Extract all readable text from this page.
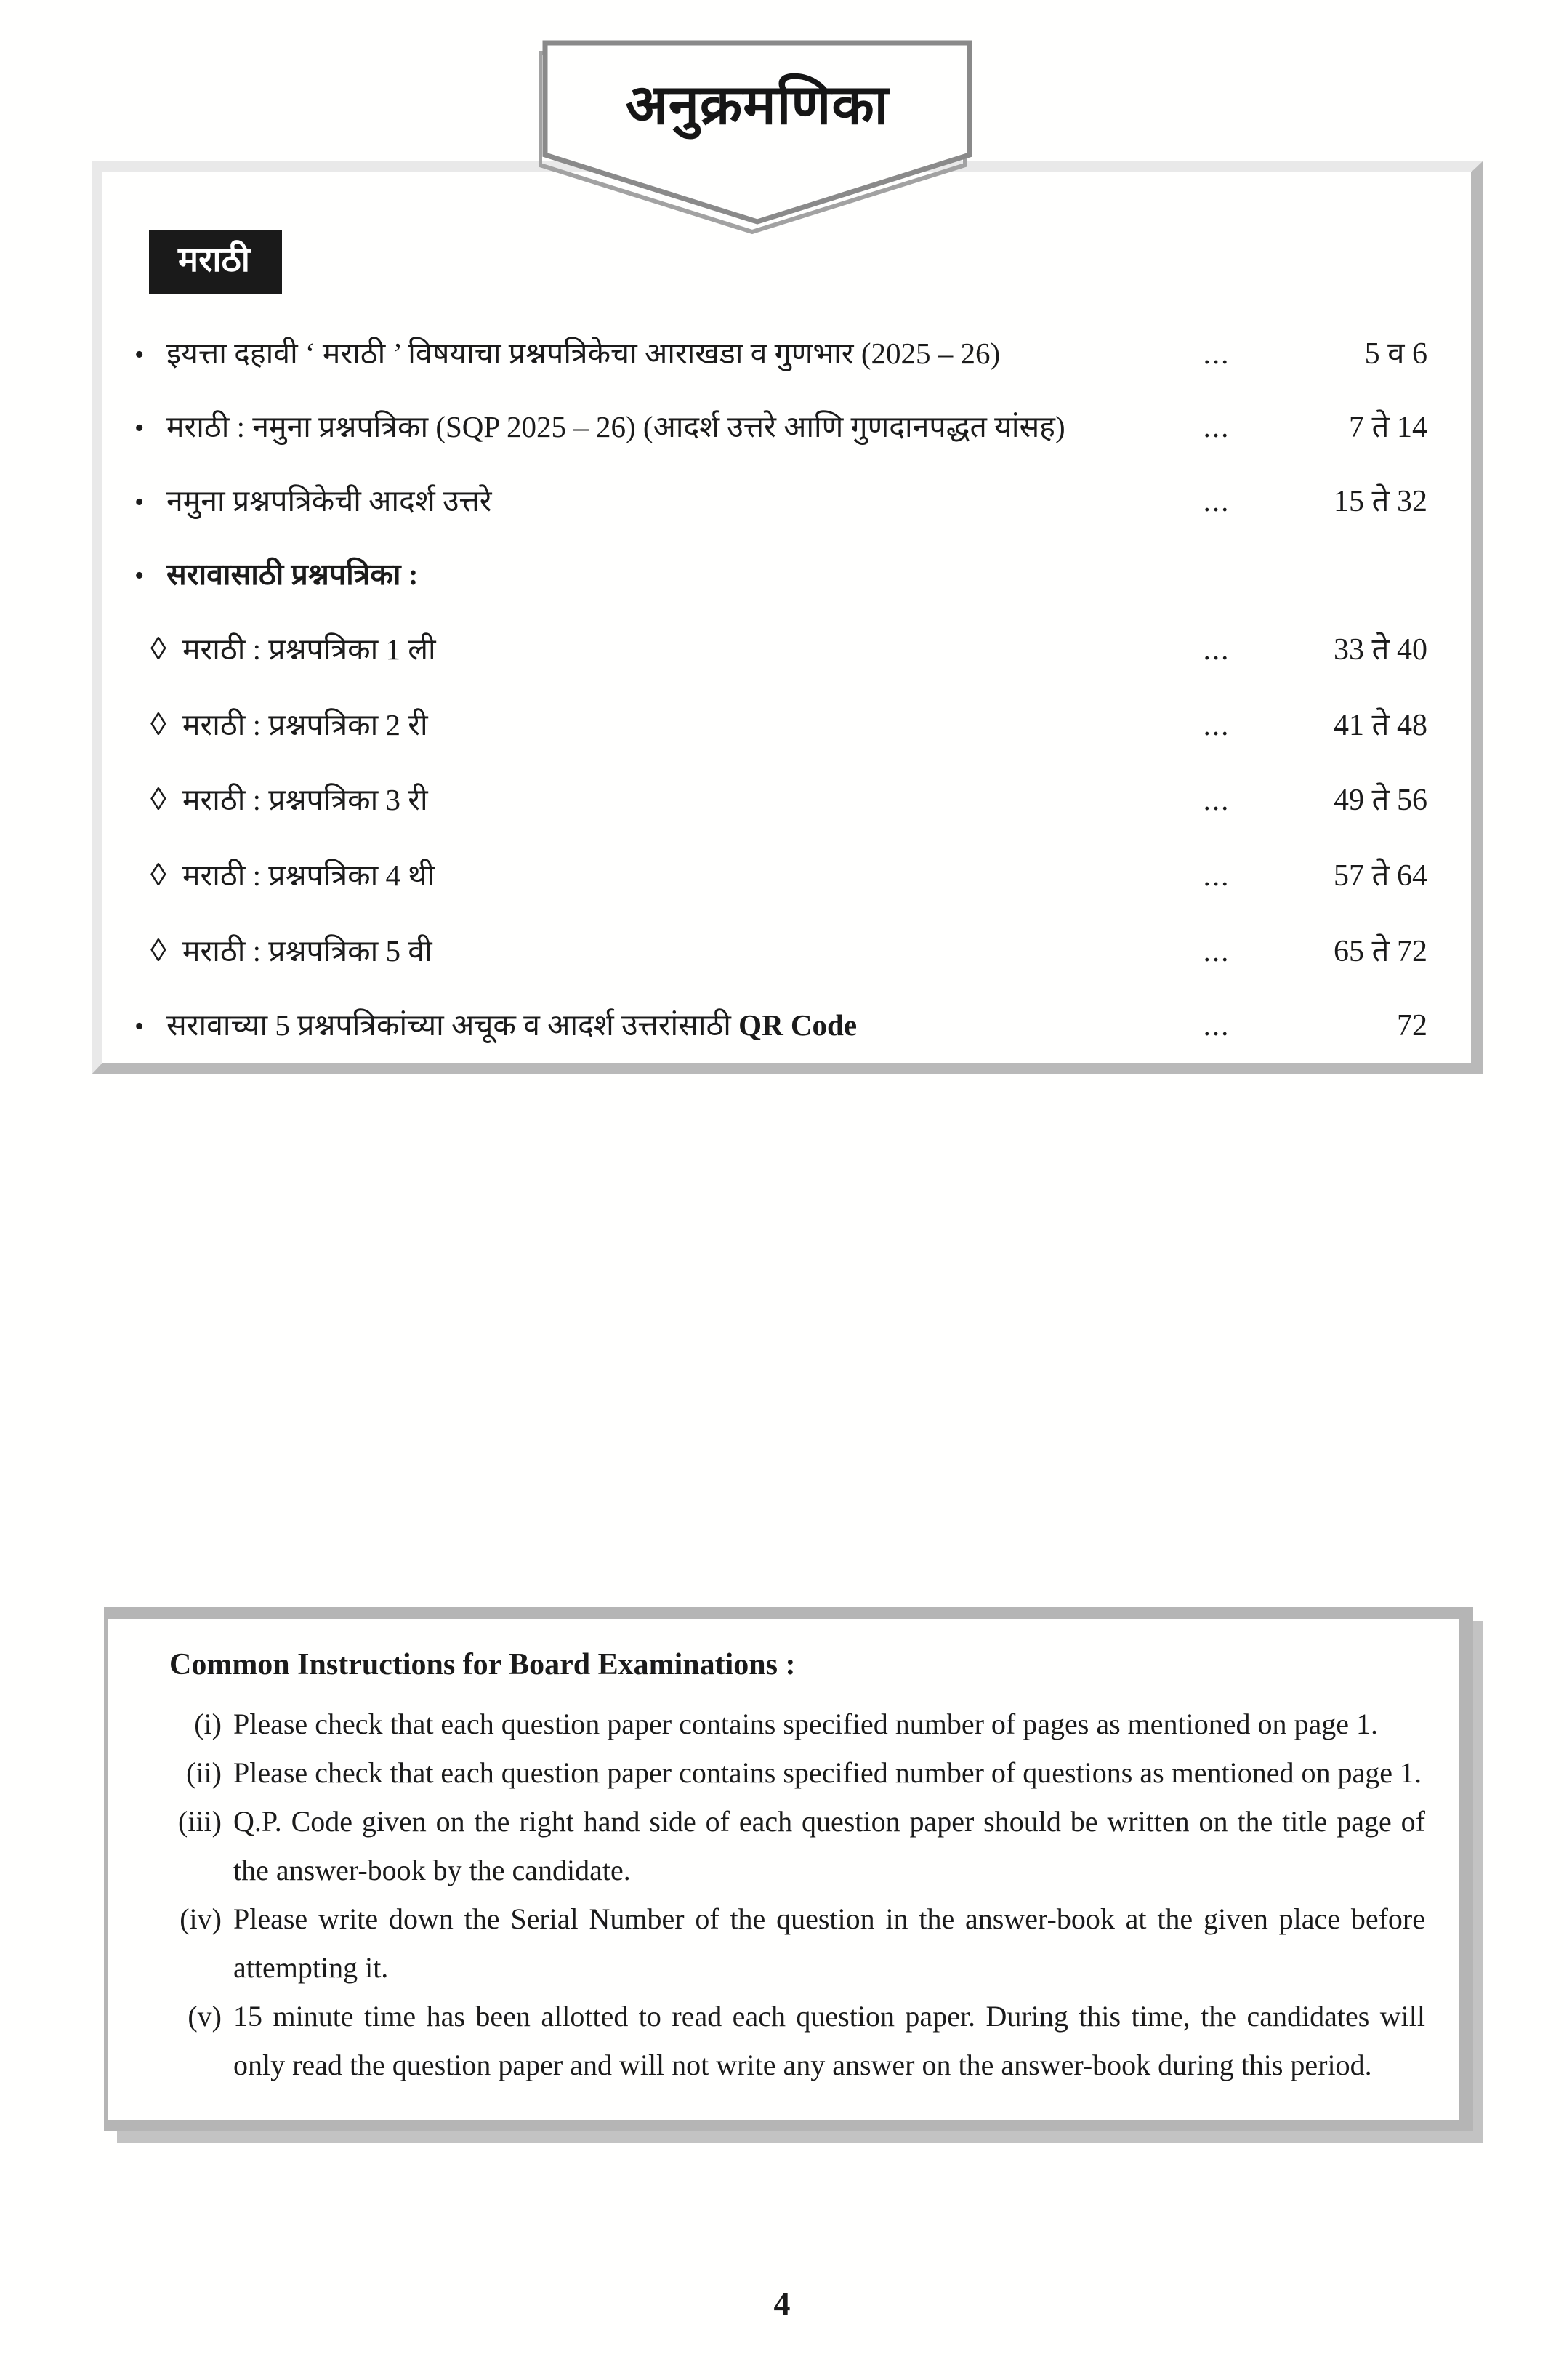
अनुक्रमणिका
मराठी
• इयत्ता दहावी ‘ मराठी ’ विषयाचा प्रश्नपत्रिकेचा आराखडा व गुणभार (2025 – 26)	...	5 व 6
• मराठी : नमुना प्रश्नपत्रिका (SQP 2025 – 26) (आदर्श उत्तरे आणि गुणदानपद्धत यांसह)	...	7 ते 14
• नमुना प्रश्नपत्रिकेची आदर्श उत्तरे	...	15 ते 32
• सरावासाठी प्रश्नपत्रिका :
◊ मराठी : प्रश्नपत्रिका 1 ली	...	33 ते 40
◊ मराठी : प्रश्नपत्रिका 2 री	...	41 ते 48
◊ मराठी : प्रश्नपत्रिका 3 री	...	49 ते 56
◊ मराठी : प्रश्नपत्रिका 4 थी	...	57 ते 64
◊ मराठी : प्रश्नपत्रिका 5 वी	...	65 ते 72
• सरावाच्या 5 प्रश्नपत्रिकांच्या अचूक व आदर्श उत्तरांसाठी QR Code	...	72
Common Instructions for Board Examinations :
(i) Please check that each question paper contains specified number of pages as mentioned on page 1.
(ii) Please check that each question paper contains specified number of questions as mentioned on page 1.
(iii) Q.P. Code given on the right hand side of each question paper should be written on the title page of the answer-book by the candidate.
(iv) Please write down the Serial Number of the question in the answer-book at the given place before attempting it.
(v) 15 minute time has been allotted to read each question paper. During this time, the candidates will only read the question paper and will not write any answer on the answer-book during this period.
4
